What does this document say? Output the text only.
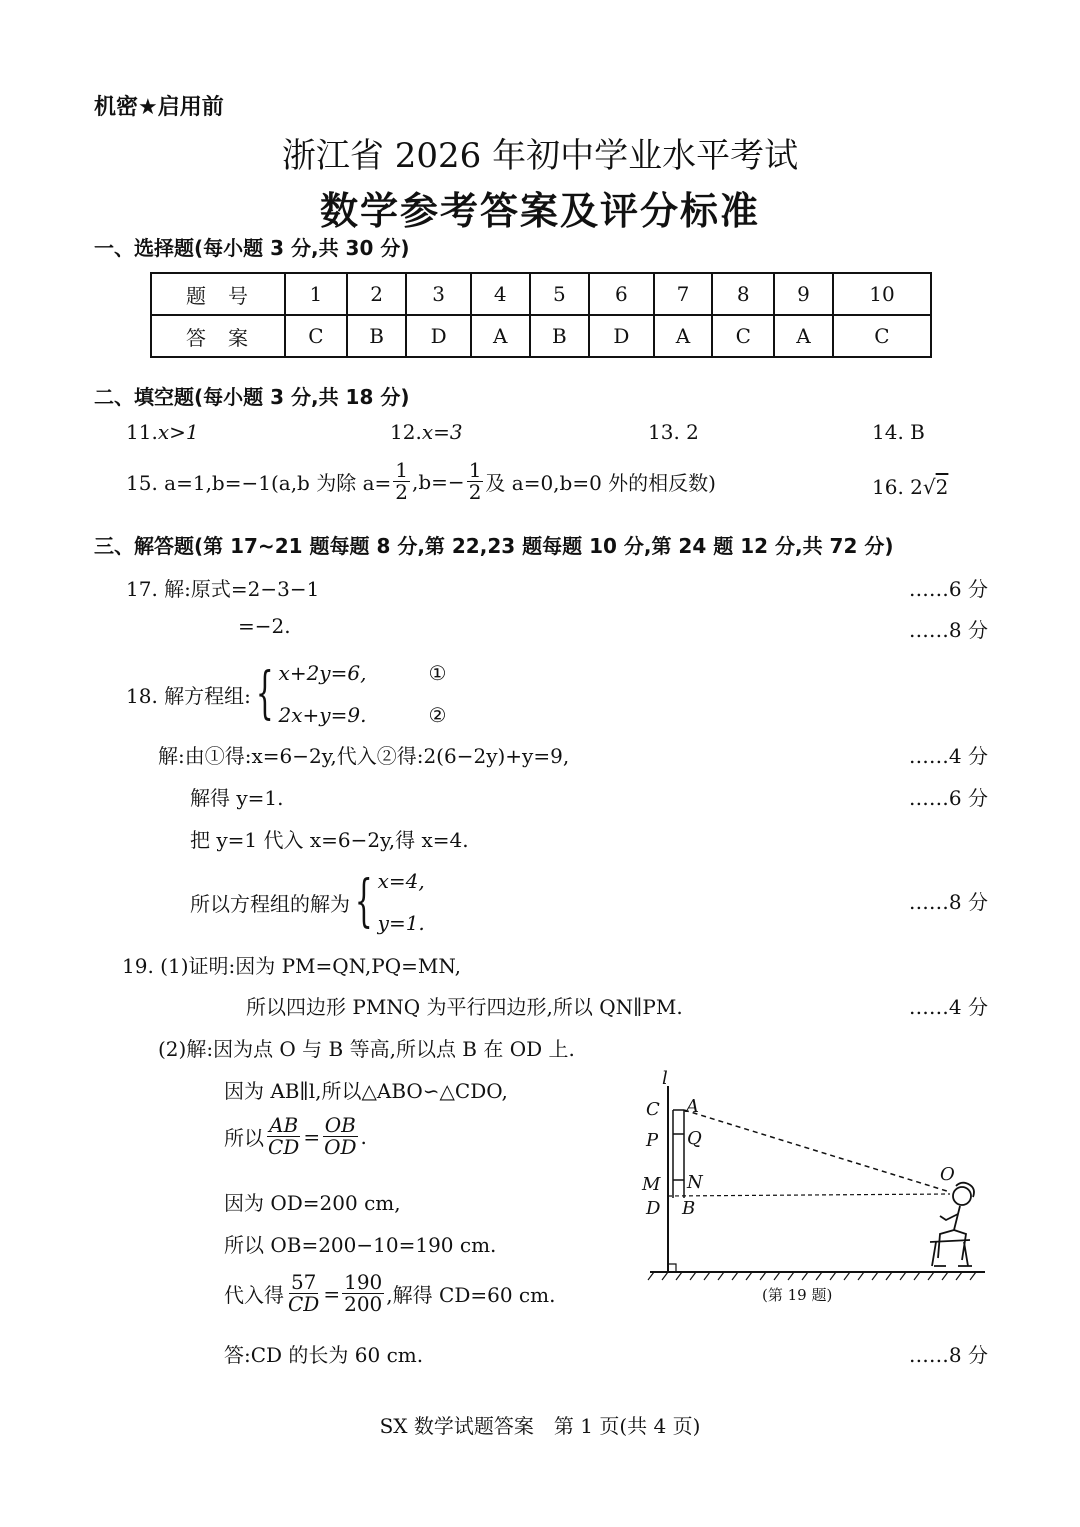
机密★启用前
浙江省 2026 年初中学业水平考试
数学参考答案及评分标准
一、选择题(每小题 3 分,共 30 分)
题号	1	2	3	4	5	6	7	8	9	10
答案	C	B	D	A	B	D	A	C	A	C
二、填空题(每小题 3 分,共 18 分)
11.x>1	12.x=3	13. 2	14. B
15. a=1,b=−1(a,b 为除 $a= \frac{1}{2} ,b=- \frac{1}{2}$ 及 a=0,b=0 外的相反数)	16. 2√2
三、解答题(第 17~21 题每题 8 分,第 22,23 题每题 10 分,第 24 题 12 分,共 72 分)
17. 解:原式=2−3−1	……6 分
=−2.	……8 分
18. 解方程组: { x+2y=6,	①
2x+y=9.	②
解:由①得:x=6−2y,代入②得:2(6−2y)+y=9,	……4 分
解得 y=1.	……6 分
把 y=1 代入 x=6−2y,得 x=4.
所以方程组的解为 { x=4,
y=1.
……8 分
19. (1)证明:因为 PM=QN,PQ=MN,
所以四边形 PMNQ 为平行四边形,所以 QN∥PM.	……4 分
(2)解:因为点 O 与 B 等高,所以点 B 在 OD 上.
因为 AB∥l,所以△ABO∽△CDO,
所以 $\frac{AB}{CD} = \frac{OB}{OD}$ .
因为 OD=200 cm,
所以 OB=200−10=190 cm.
代入得 $\frac{57}{CD} = \frac{190}{200}$ ,解得 CD=60 cm.
答:CD 的长为 60 cm.	……8 分
l
C A
P Q
M N
D B
O
(第 19 题)
SX 数学试题答案　第 1 页(共 4 页)
